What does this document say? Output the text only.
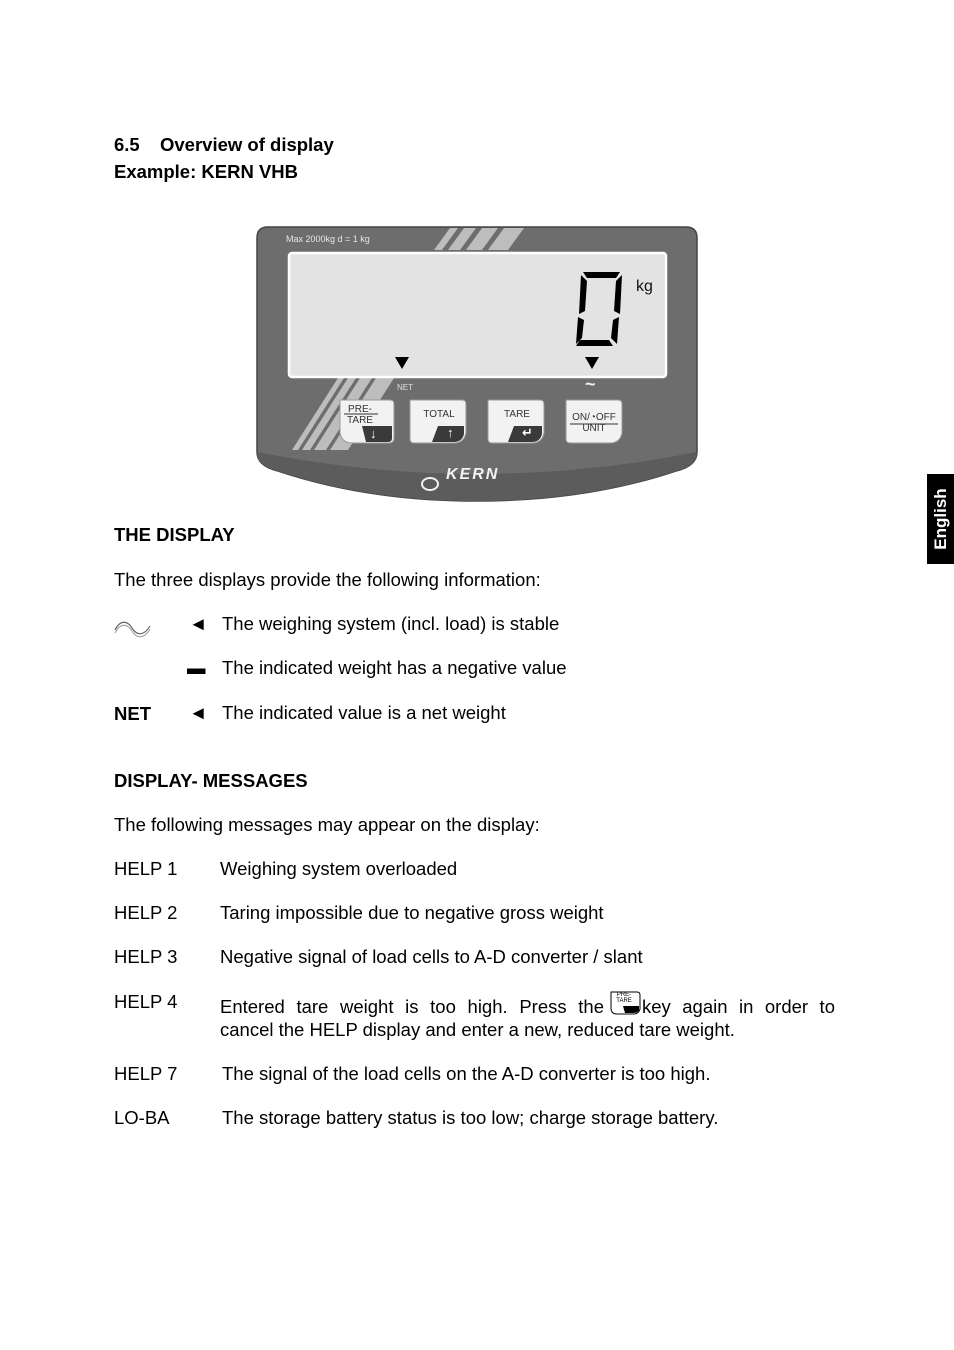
6.5 Overview of display
Example: KERN VHB
English
Max 2000kg d = 1 kg
kg
NET	~
PRE-
TARE
↓
TOTAL
↑
TARE
↵
ON/◔OFF
UNIT
KERN
THE DISPLAY
The three displays provide the following information:
◄ The weighing system (incl. load) is stable
▬ The indicated weight has a negative value
NET ◄ The indicated value is a net weight
DISPLAY- MESSAGES
The following messages may appear on the display:
HELP 1 Weighing system overloaded
HELP 2 Taring impossible due to negative gross weight
HELP 3 Negative signal of load cells to A-D converter / slant
HELP 4 Entered tare weight is too high. Press the
PRE-
TARE key again in order to
cancel the HELP display and enter a new, reduced tare weight.
HELP 7 The signal of the load cells on the A-D converter is too high.
LO-BA	The storage battery status is too low; charge storage battery.
